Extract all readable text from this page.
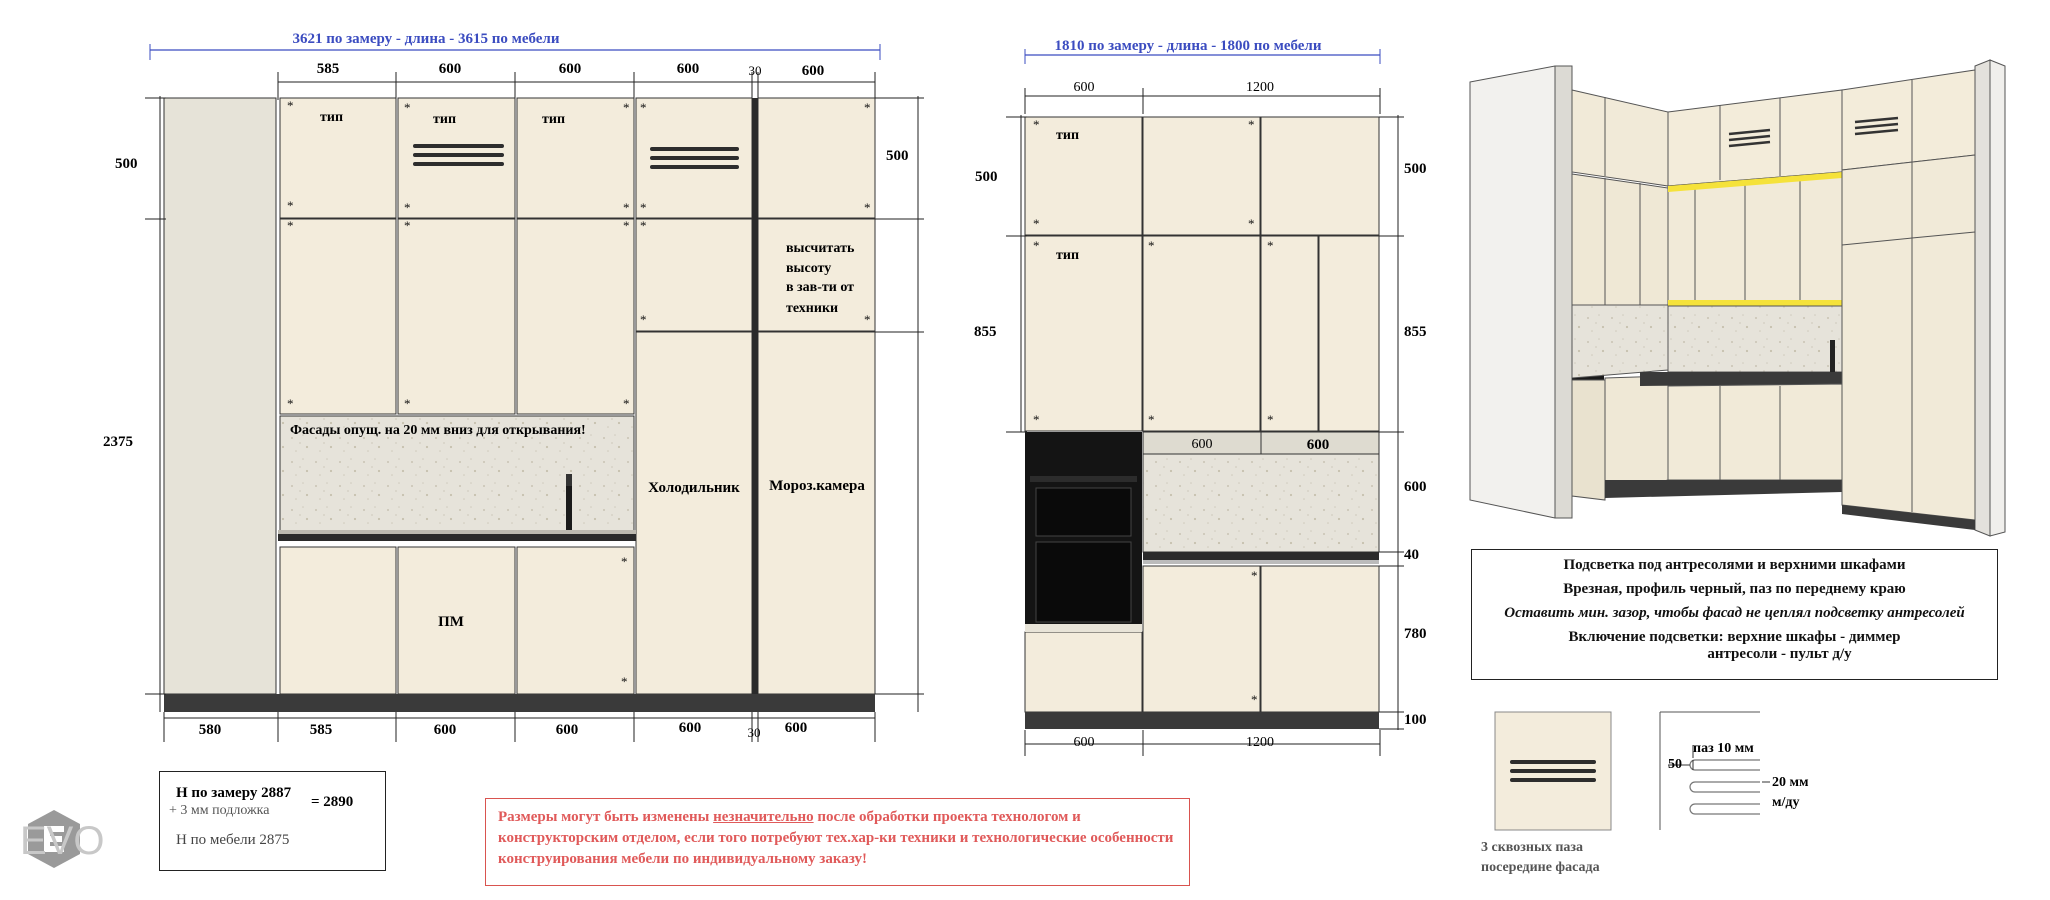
3621 по замеру - длина - 3615 по мебели
585	600	600	600	30	600
*
*
*
*
*
*
*
*
*
*
*
*
*
*
*
*
*
*	*
*
*
тип	тип	тип
Фасады опущ. на 20 мм вниз для открывания!
высчитать
высоту
в зав-ти от
техники
Холодильник Мороз.камера
ПМ
500
2375
500
580	585	600	600	600	30 600
1810 по замеру - длина - 1800 по мебели
600	1200
600	600
*
*
*
*
*
*
*
*
*
*
*
*
тип
тип
500
855
500
855
600
40
780
100
600	1200
3 сквозных паза
посередине фасада
паз 10 мм
50
20 мм
м/ду
EVO
Подсветка под антресолями и верхними шкафами
Врезная, профиль черный, паз по переднему краю
Оставить мин. зазор, чтобы фасад не цеплял подсветку антресолей
Включение подсветки: верхние шкафы - диммер
антресоли - пульт д/у
Н по замеру 2887
+ 3 мм подложка
= 2890
Н по мебели 2875
Размеры могут быть изменены незначительно после обработки проекта технологом и конструкторским отделом, если того потребуют тех.хар-ки техники и технологические особенности конструирования мебели по индивидуальному заказу!
